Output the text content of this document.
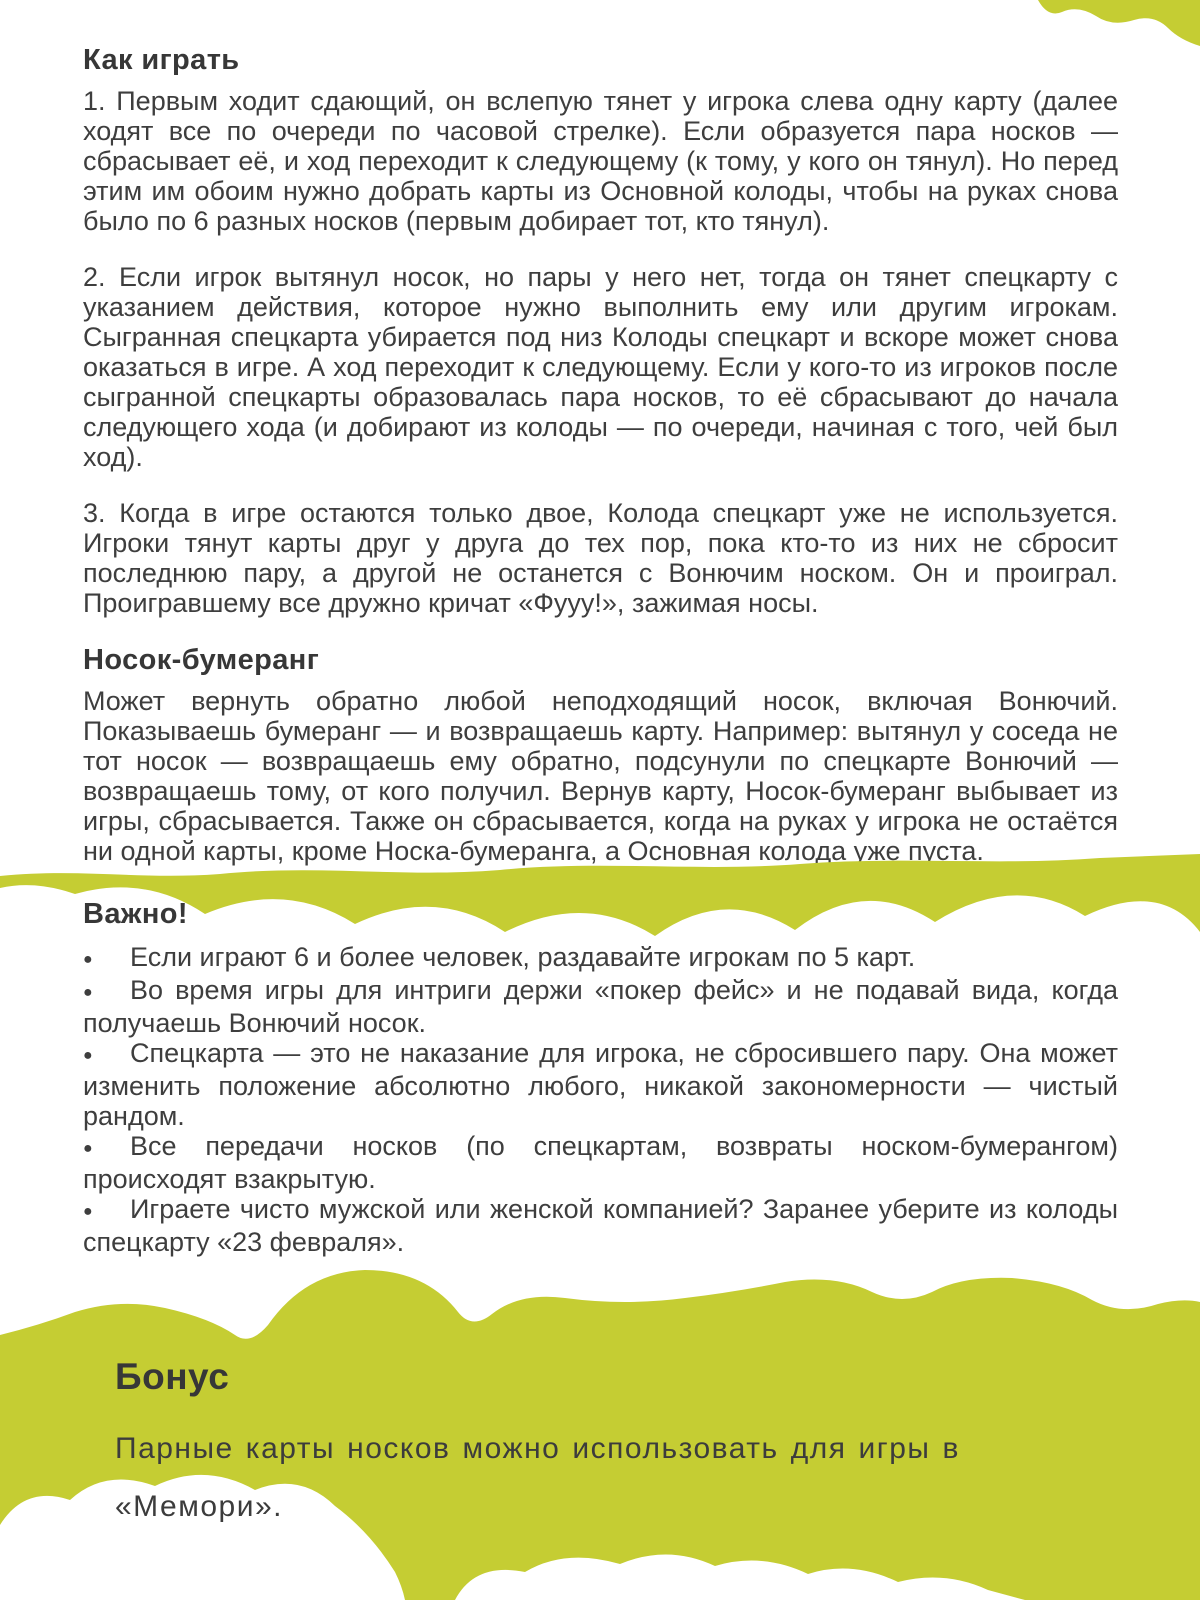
Как играть

1. Первым ходит сдающий, он вслепую тянет у игрока слева одну карту (далее ходят все по очереди по часовой стрелке). Если образуется пара носков — сбрасывает её, и ход переходит к следующему (к тому, у кого он тянул). Но перед этим им обоим нужно добрать карты из Основной колоды, чтобы на руках снова было по 6 разных носков (первым добирает тот, кто тянул).

2. Если игрок вытянул носок, но пары у него нет, тогда он тянет спецкарту с указанием действия, которое нужно выполнить ему или другим игрокам. Сыгранная спецкарта убирается под низ Колоды спецкарт и вскоре может снова оказаться в игре. А ход переходит к следующему. Если у кого-то из игроков после сыгранной спецкарты образовалась пара носков, то её сбрасывают до начала следующего хода (и добирают из колоды — по очереди, начиная с того, чей был ход).

3. Когда в игре остаются только двое, Колода спецкарт уже не используется. Игроки тянут карты друг у друга до тех пор, пока кто-то из них не сбросит последнюю пару, а другой не останется с Вонючим носком. Он и проиграл. Проигравшему все дружно кричат «Фууу!», зажимая носы.

Носок-бумеранг

Может вернуть обратно любой неподходящий носок, включая Вонючий. Показываешь бумеранг — и возвращаешь карту. Например: вытянул у соседа не тот носок — возвращаешь ему обратно, подсунули по спецкарте Вонючий — возвращаешь тому, от кого получил. Вернув карту, Носок-бумеранг выбывает из игры, сбрасывается. Также он сбрасывается, когда на руках у игрока не остаётся ни одной карты, кроме Носка-бумеранга, а Основная колода уже пуста.

Важно!

● Если играют 6 и более человек, раздавайте игрокам по 5 карт.

● Во время игры для интриги держи «покер фейс» и не подавай вида, когда получаешь Вонючий носок.

● Спецкарта — это не наказание для игрока, не сбросившего пару. Она может изменить положение абсолютно любого, никакой закономерности — чистый рандом.

● Все передачи носков (по спецкартам, возвраты носком-бумерангом) происходят взакрытую.

● Играете чисто мужской или женской компанией? Заранее уберите из колоды спецкарту «23 февраля».

Бонус

Парные карты носков можно использовать для игры в «Мемори».
